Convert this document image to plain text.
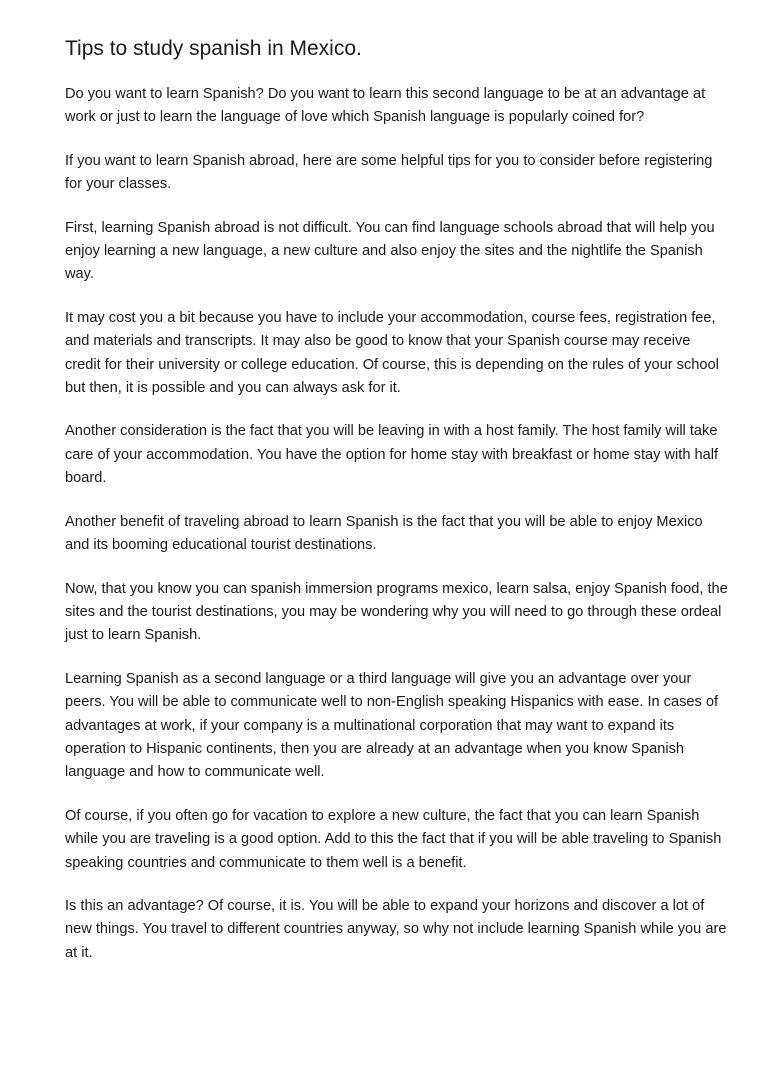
Tips to study spanish in Mexico.

Do you want to learn Spanish? Do you want to learn this second language to be at an advantage at work or just to learn the language of love which Spanish language is popularly coined for?

If you want to learn Spanish abroad, here are some helpful tips for you to consider before registering for your classes.

First, learning Spanish abroad is not difficult. You can find language schools abroad that will help you enjoy learning a new language, a new culture and also enjoy the sites and the nightlife the Spanish way.

It may cost you a bit because you have to include your accommodation, course fees, registration fee, and materials and transcripts. It may also be good to know that your Spanish course may receive credit for their university or college education. Of course, this is depending on the rules of your school but then, it is possible and you can always ask for it.

Another consideration is the fact that you will be leaving in with a host family. The host family will take care of your accommodation. You have the option for home stay with breakfast or home stay with half board.

Another benefit of traveling abroad to learn Spanish is the fact that you will be able to enjoy Mexico and its booming educational tourist destinations.

Now, that you know you can spanish immersion programs mexico, learn salsa, enjoy Spanish food, the sites and the tourist destinations, you may be wondering why you will need to go through these ordeal just to learn Spanish.

Learning Spanish as a second language or a third language will give you an advantage over your peers. You will be able to communicate well to non-English speaking Hispanics with ease. In cases of advantages at work, if your company is a multinational corporation that may want to expand its operation to Hispanic continents, then you are already at an advantage when you know Spanish language and how to communicate well.

Of course, if you often go for vacation to explore a new culture, the fact that you can learn Spanish while you are traveling is a good option. Add to this the fact that if you will be able traveling to Spanish speaking countries and communicate to them well is a benefit.

Is this an advantage? Of course, it is. You will be able to expand your horizons and discover a lot of new things. You travel to different countries anyway, so why not include learning Spanish while you are at it.
